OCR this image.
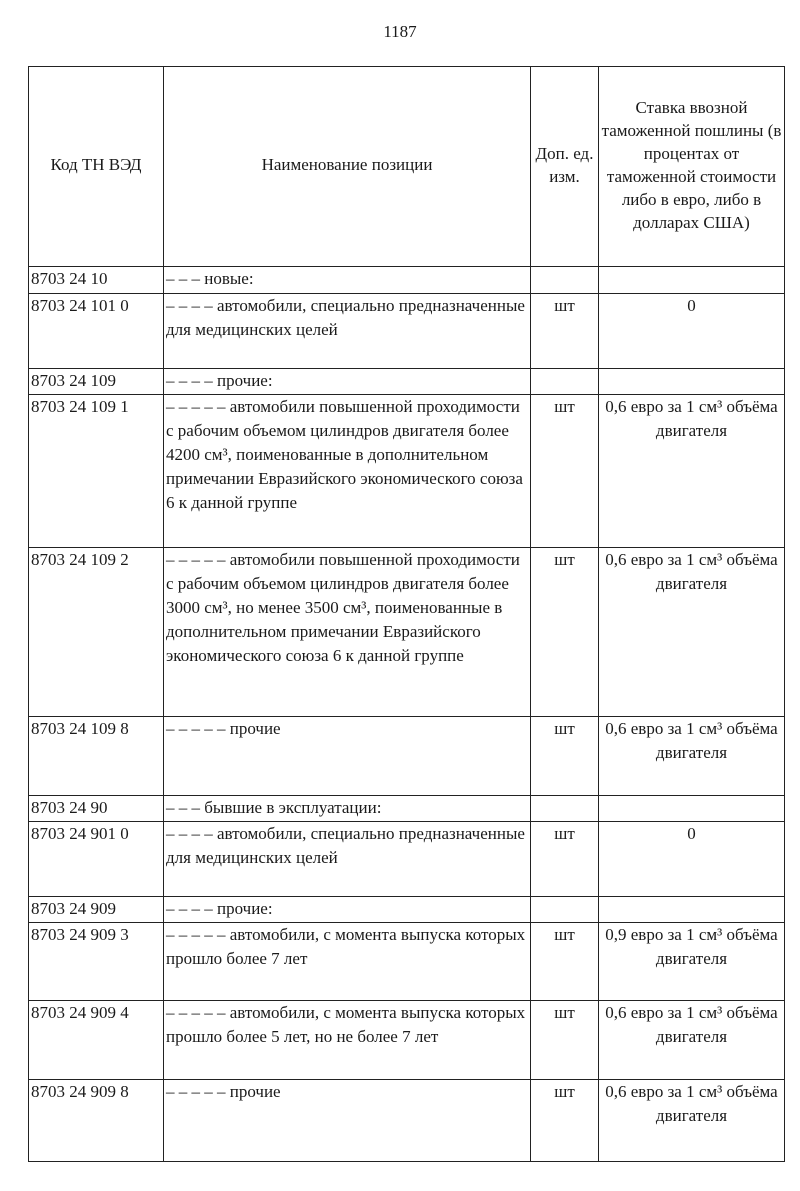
1187
Код ТН ВЭД	Наименование позиции	Доп. ед. изм.	Ставка ввозной таможенной пошлины (в процентах от таможенной стоимости либо в евро, либо в долларах США)
8703 24 10	– – – новые:		
8703 24 101 0	– – – – автомобили, специально предназначенные для медицинских целей	шт	0
8703 24 109	– – – – прочие:		
8703 24 109 1	– – – – – автомобили повышенной проходимости с рабочим объемом цилиндров двигателя более 4200 см³, поименованные в дополнительном примечании Евразийского экономического союза 6 к данной группе	шт	0,6 евро за 1 см³ объёма двигателя
8703 24 109 2	– – – – – автомобили повышенной проходимости с рабочим объемом цилиндров двигателя более 3000 см³, но менее 3500 см³, поименованные в дополнительном примечании Евразийского экономического союза 6 к данной группе	шт	0,6 евро за 1 см³ объёма двигателя
8703 24 109 8	– – – – – прочие	шт	0,6 евро за 1 см³ объёма двигателя
8703 24 90	– – – бывшие в эксплуатации:		
8703 24 901 0	– – – – автомобили, специально предназначенные для медицинских целей	шт	0
8703 24 909	– – – – прочие:		
8703 24 909 3	– – – – – автомобили, с момента выпуска которых прошло более 7 лет	шт	0,9 евро за 1 см³ объёма двигателя
8703 24 909 4	– – – – – автомобили, с момента выпуска которых прошло более 5 лет, но не более 7 лет	шт	0,6 евро за 1 см³ объёма двигателя
8703 24 909 8	– – – – – прочие	шт	0,6 евро за 1 см³ объёма двигателя
